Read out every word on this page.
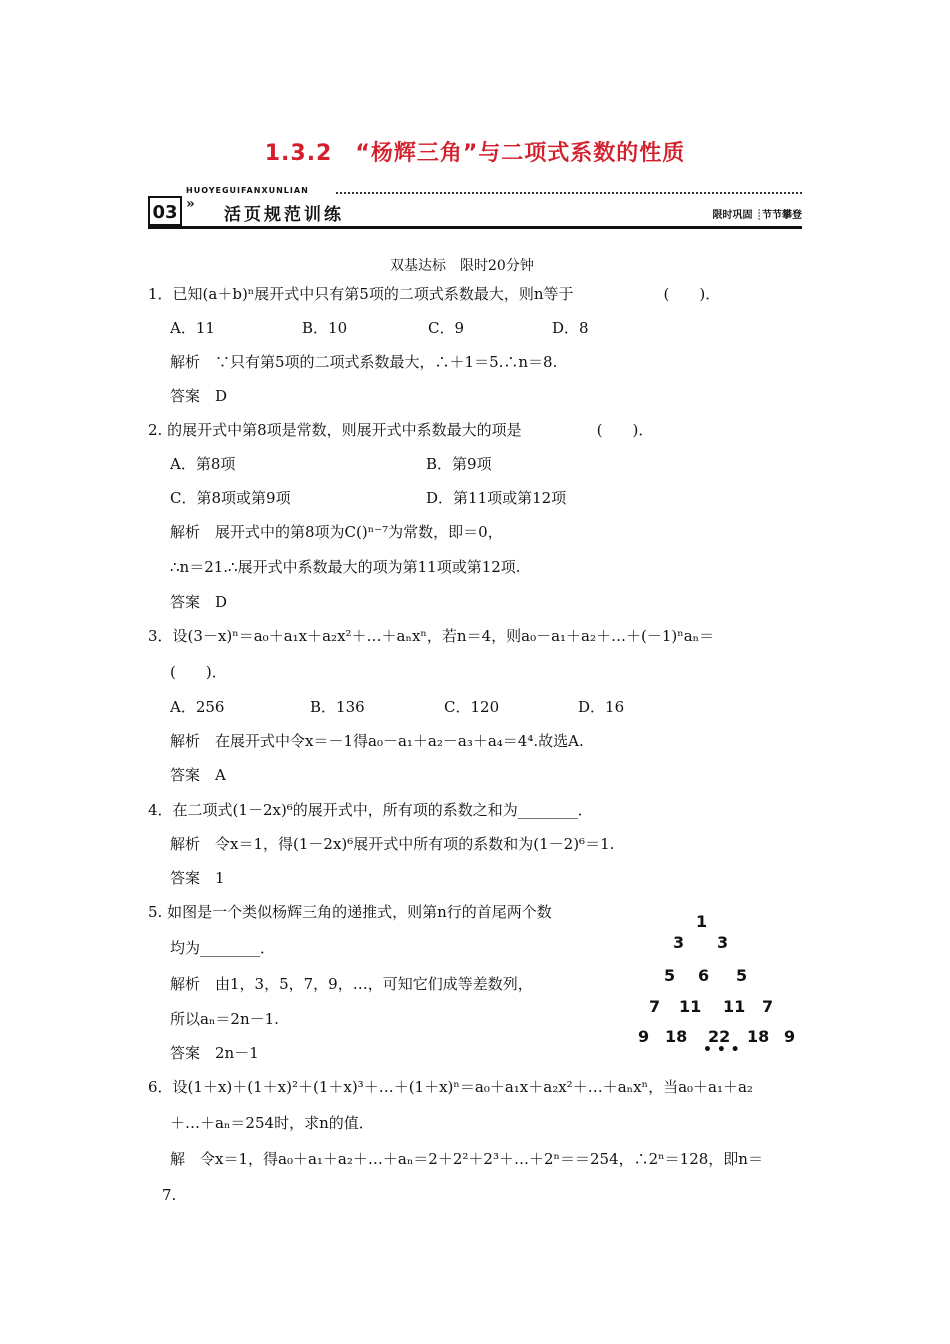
1.3.2　“杨辉三角”与二项式系数的性质
03
HUOYEGUIFANXUNLIAN
»
活页规范训练	限时巩固 ┊节节攀登
双基达标　限时20分钟
1．已知(a＋b)ⁿ展开式中只有第5项的二项式系数最大，则n等于　　　　　　(　　)．
A．11	B．10	C．9	D．8
解析　∵只有第5项的二项式系数最大，∴＋1＝5.∴n＝8.
答案　D
2. 的展开式中第8项是常数，则展开式中系数最大的项是　　　　　(　　)．
A．第8项	B．第9项
C．第8项或第9项	D．第11项或第12项
解析　展开式中的第8项为C()ⁿ⁻⁷为常数，即＝0，
∴n＝21.∴展开式中系数最大的项为第11项或第12项.
答案　D
3．设(3－x)ⁿ＝a₀＋a₁x＋a₂x²＋…＋aₙxⁿ，若n＝4，则a₀－a₁＋a₂＋…＋(－1)ⁿaₙ＝
(　　)．
A．256	B．136	C．120	D．16
解析　在展开式中令x＝－1得a₀－a₁＋a₂－a₃＋a₄＝4⁴.故选A.
答案　A
4．在二项式(1－2x)⁶的展开式中，所有项的系数之和为________．
解析　令x＝1，得(1－2x)⁶展开式中所有项的系数和为(1－2)⁶＝1.
答案　1
5. 如图是一个类似杨辉三角的递推式，则第n行的首尾两个数
均为________．
解析　由1，3，5，7，9，…，可知它们成等差数列，
所以aₙ＝2n－1.
答案　2n－1
1
3 3
5 6 5
7 11 11 7
9 18 22 18 9
• • •
6．设(1＋x)＋(1＋x)²＋(1＋x)³＋…＋(1＋x)ⁿ＝a₀＋a₁x＋a₂x²＋…＋aₙxⁿ，当a₀＋a₁＋a₂
＋…＋aₙ＝254时，求n的值．
解　令x＝1，得a₀＋a₁＋a₂＋…＋aₙ＝2＋2²＋2³＋…＋2ⁿ＝＝254，∴2ⁿ＝128，即n＝
7.
